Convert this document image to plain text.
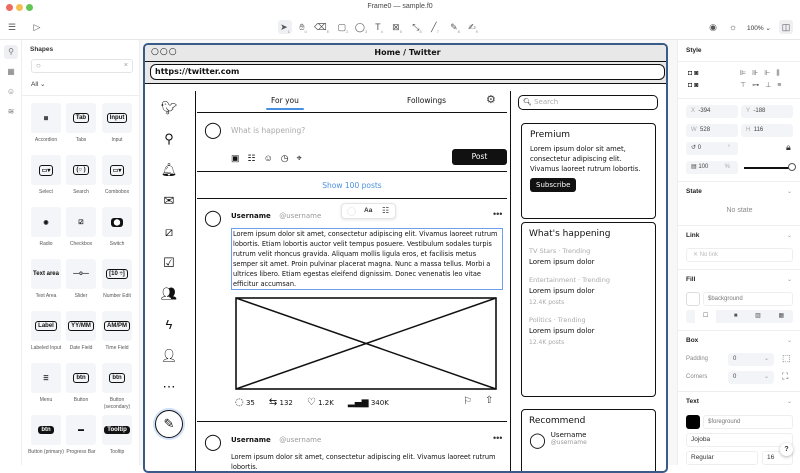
Frame0 — sample.f0
☰	▷	$➤_1$	$✋︎_0$ $⌫_E$ $▢_2$ $◯_3$ $T_4$	$⊠_5$ $⤡_6$	$╱_7$	$✎_8$ $✍︎_9$	◉	☼	100% ⌄	◫
⚲
▦
☺
≋
Shapes
○	×
All ⌄
≣
Accordion
Tab
Tabs
Input
Input
▭▾
Select
(○ )
Search
▭▾
Combobox
◉
Radio
☑
Checkbox
⬤
Switch
Text area
Text Area
—o—
Slider
[10 ÷]
Number Edit
Label
Labeled Input
YY/MM
Date Field
AM/PM
Time Field
☰
Menu
btn
Button
btn
Button (secondary)
btn
Button (primary)
▬
Progress Bar
Tooltip
Tooltip
○○○	Home / Twitter
https://twitter.com
🐦︎
⚲
🔔︎
✉
⧄
☑
👥︎
ϟ
👤︎
⋯
✎
For you	Followings	⚙
◯ What is happening?
▣☷☺◷⌖	Post
Show 100 posts
Aa ☷
◯ Username @username	•••
Lorem ipsum dolor sit amet, consectetur adipiscing elit. Vivamus laoreet rutrum lobortis. Etiam lobortis auctor velit tempus posuere. Vestibulum sodales turpis rutrum velit rhoncus gravida. Aliquam mollis ligula eros, et facilisis metus semper sit amet. Proin pulvinar placerat magna. Nunc a massa tellus. Morbi a ultrices libero. Etiam egestas eleifend dignissim. Donec venenatis leo vitae efficitur accumsan.
◌ 35 ⇆ 132 ♡ 1.2K ▂▄▆ 340K	⚐ ⇧
◯ Username @username	•••
Lorem ipsum dolor sit amet, consectetur adipiscing elit. Vivamus laoreet rutrum lobortis.
🔍︎ Search
Premium
Lorem ipsum dolor sit amet, consectetur adipiscing elit. Vivamus laoreet rutrum lobortis.
Subscribe
What's happening
TV Stars · Trending
Lorem ipsum dolor
Entertainment · Trending
Lorem ipsum dolor
12.4K posts
Politics · Trending
Lorem ipsum dolor
12.4K posts
Recommend
◯ Username
@username
Style
◘ ◙
◘ ◙
⊫⊪⊩⫼
⊤⊶⊥≡
X -394	Y -188
W 528	H 116
↺ 0	°	🔒︎
▤ 100	%
State	⌄
No state
Link	⌄
✕ No link
Fill	⌄
$background
☐	■	▨	▦
Box	⌄
Padding	0	⌄ ⬚
Corners	0	⌄ ⛶
Text	⌄
$foreground
Jojoba
Regular	16
?
